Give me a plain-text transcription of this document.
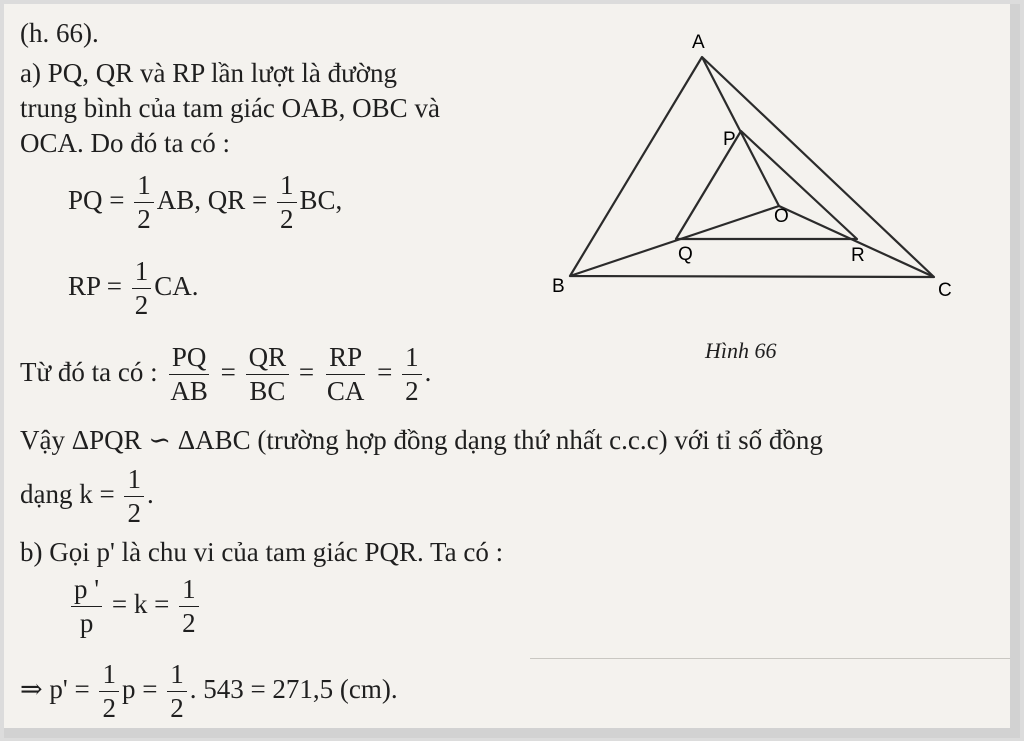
(h. 66).
a) PQ, QR và RP lần lượt là đường
trung bình của tam giác OAB, OBC và
OCA. Do đó ta có :
PQ = $\frac{1}{2}$ AB, QR = $\frac{1}{2}$ BC,
RP = $\frac{1}{2}$ CA.
Từ đó ta có : $\frac{PQ}{AB} = \frac{QR}{BC} = \frac{RP}{CA} = \frac{1}{2}$ .
Vậy ΔPQR ∽ ΔABC (trường hợp đồng dạng thứ nhất c.c.c) với tỉ số đồng
dạng $k = \frac{1}{2}$ .
b) Gọi p' là chu vi của tam giác PQR. Ta có :
$\frac{p '}{p} = k = \frac{1}{2}$
⇒ $p' = \frac{1}{2}$ $p = \frac{1}{2}$ . 543 = 271,5 (cm).
A
B	C
P
Q	R
O
Hình 66
